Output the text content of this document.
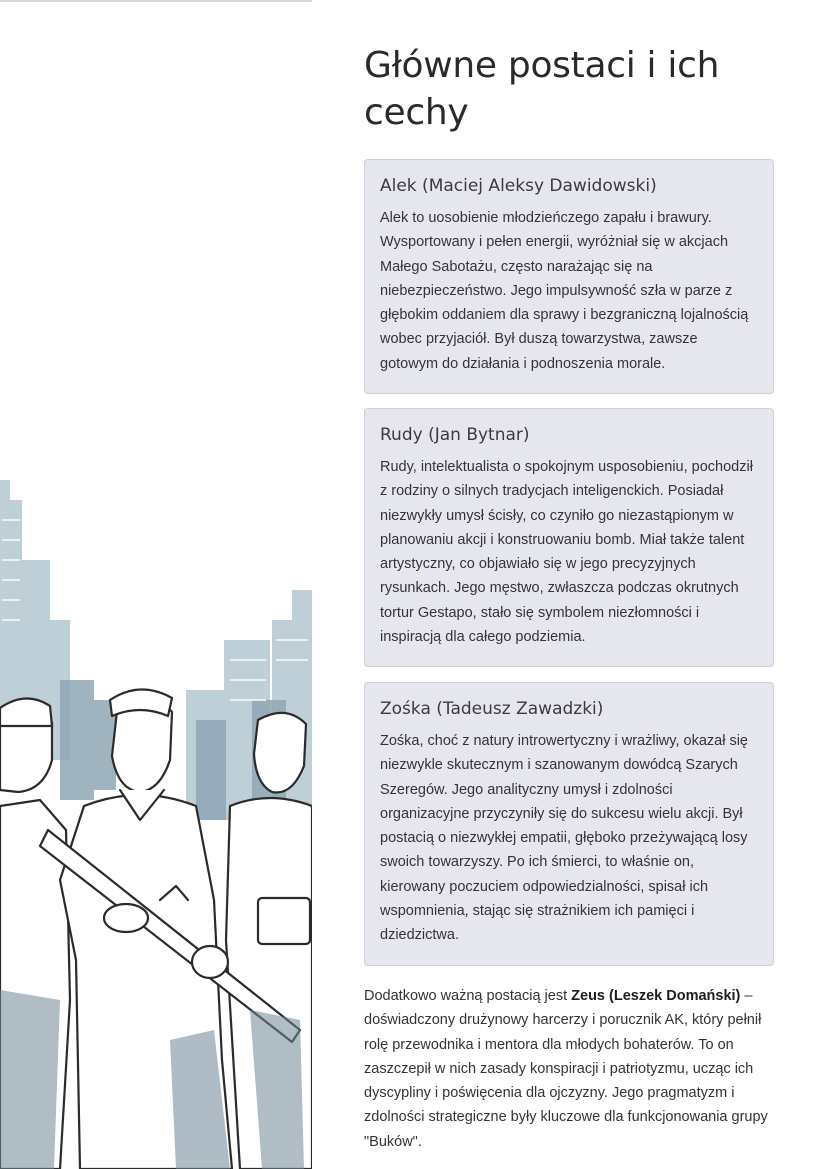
Główne postaci i ich cechy
Alek (Maciej Aleksy Dawidowski)

Alek to uosobienie młodzieńczego zapału i brawury. Wysportowany i pełen energii, wyróżniał się w akcjach Małego Sabotażu, często narażając się na niebezpieczeństwo. Jego impulsywność szła w parze z głębokim oddaniem dla sprawy i bezgraniczną lojalnością wobec przyjaciół. Był duszą towarzystwa, zawsze gotowym do działania i podnoszenia morale.

Rudy (Jan Bytnar)

Rudy, intelektualista o spokojnym usposobieniu, pochodził z rodziny o silnych tradycjach inteligenckich. Posiadał niezwykły umysł ścisły, co czyniło go niezastąpionym w planowaniu akcji i konstruowaniu bomb. Miał także talent artystyczny, co objawiało się w jego precyzyjnych rysunkach. Jego męstwo, zwłaszcza podczas okrutnych tortur Gestapo, stało się symbolem niezłomności i inspiracją dla całego podziemia.

Zośka (Tadeusz Zawadzki)

Zośka, choć z natury introwertyczny i wrażliwy, okazał się niezwykle skutecznym i szanowanym dowódcą Szarych Szeregów. Jego analityczny umysł i zdolności organizacyjne przyczyniły się do sukcesu wielu akcji. Był postacią o niezwykłej empatii, głęboko przeżywającą losy swoich towarzyszy. Po ich śmierci, to właśnie on, kierowany poczuciem odpowiedzialności, spisał ich wspomnienia, stając się strażnikiem ich pamięci i dziedzictwa.

Dodatkowo ważną postacią jest Zeus (Leszek Domański) – doświadczony drużynowy harcerzy i porucznik AK, który pełnił rolę przewodnika i mentora dla młodych bohaterów. To on zaszczepił w nich zasady konspiracji i patriotyzmu, ucząc ich dyscypliny i poświęcenia dla ojczyzny. Jego pragmatyzm i zdolności strategiczne były kluczowe dla funkcjonowania grupy "Buków".
